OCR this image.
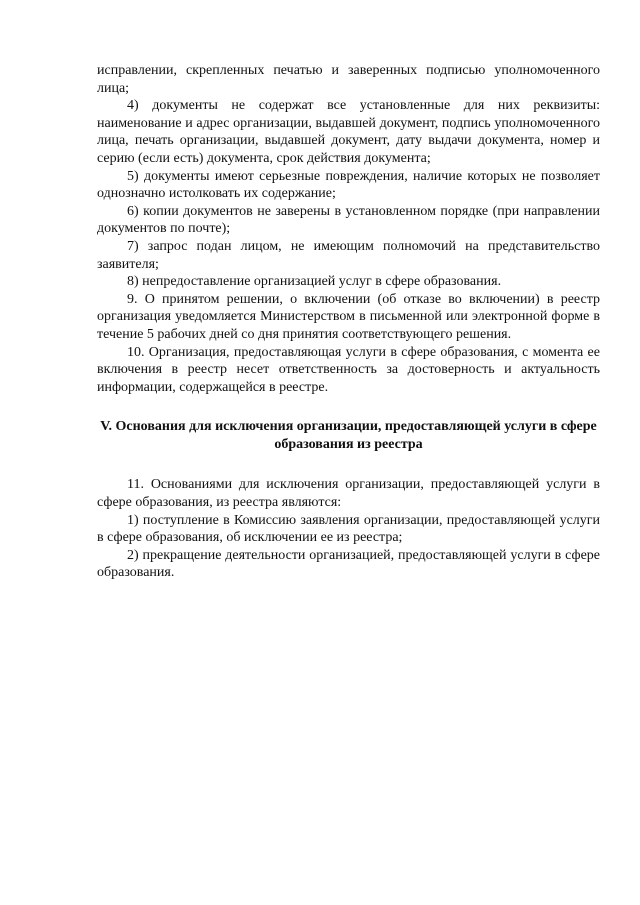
исправлении, скрепленных печатью и заверенных подписью уполномоченного лица;

4) документы не содержат все установленные для них реквизиты: наименование и адрес организации, выдавшей документ, подпись уполномоченного лица, печать организации, выдавшей документ, дату выдачи документа, номер и серию (если есть) документа, срок действия документа;

5) документы имеют серьезные повреждения, наличие которых не позволяет однозначно истолковать их содержание;

6) копии документов не заверены в установленном порядке (при направлении документов по почте);

7) запрос подан лицом, не имеющим полномочий на представительство заявителя;

8) непредоставление организацией услуг в сфере образования.

9. О принятом решении, о включении (об отказе во включении) в реестр организация уведомляется Министерством в письменной или электронной форме в течение 5 рабочих дней со дня принятия соответствующего решения.

10. Организация, предоставляющая услуги в сфере образования, с момента ее включения в реестр несет ответственность за достоверность и актуальность информации, содержащейся в реестре.

V. Основания для исключения организации, предоставляющей услуги в сфере образования из реестра

11. Основаниями для исключения организации, предоставляющей услуги в сфере образования, из реестра являются:

1) поступление в Комиссию заявления организации, предоставляющей услуги в сфере образования, об исключении ее из реестра;

2) прекращение деятельности организацией, предоставляющей услуги в сфере образования.
